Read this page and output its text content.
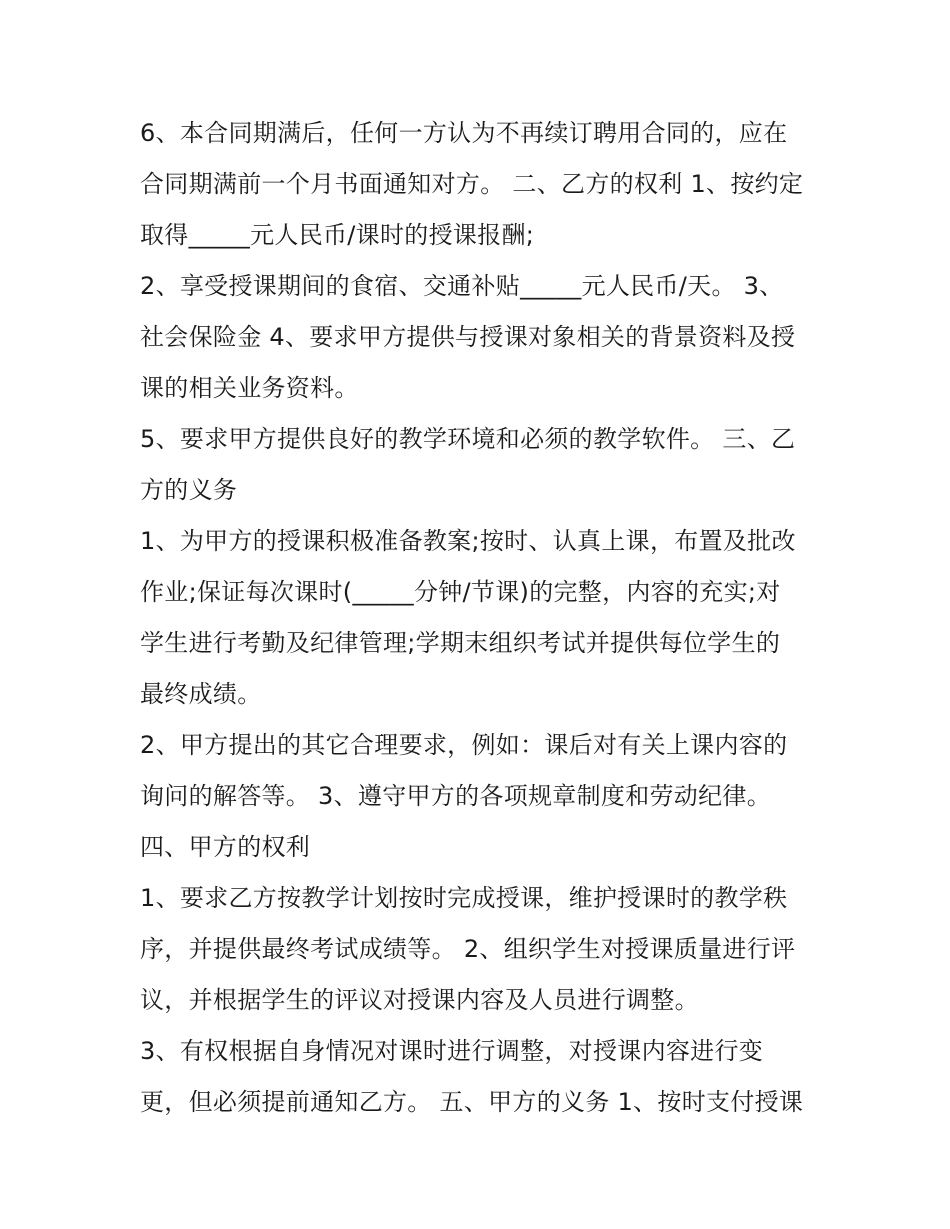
6、本合同期满后，任何一方认为不再续订聘用合同的，应在
合同期满前一个月书面通知对方。 二、乙方的权利 1、按约定
取得_____元人民币/课时的授课报酬;
2、享受授课期间的食宿、交通补贴_____元人民币/天。 3、
社会保险金 4、要求甲方提供与授课对象相关的背景资料及授
课的相关业务资料。
5、要求甲方提供良好的教学环境和必须的教学软件。 三、乙
方的义务
1、为甲方的授课积极准备教案;按时、认真上课，布置及批改
作业;保证每次课时(_____分钟/节课)的完整，内容的充实;对
学生进行考勤及纪律管理;学期末组织考试并提供每位学生的
最终成绩。
2、甲方提出的其它合理要求，例如：课后对有关上课内容的
询问的解答等。 3、遵守甲方的各项规章制度和劳动纪律。
四、甲方的权利
1、要求乙方按教学计划按时完成授课，维护授课时的教学秩
序，并提供最终考试成绩等。 2、组织学生对授课质量进行评
议，并根据学生的评议对授课内容及人员进行调整。
3、有权根据自身情况对课时进行调整，对授课内容进行变
更，但必须提前通知乙方。 五、甲方的义务 1、按时支付授课
